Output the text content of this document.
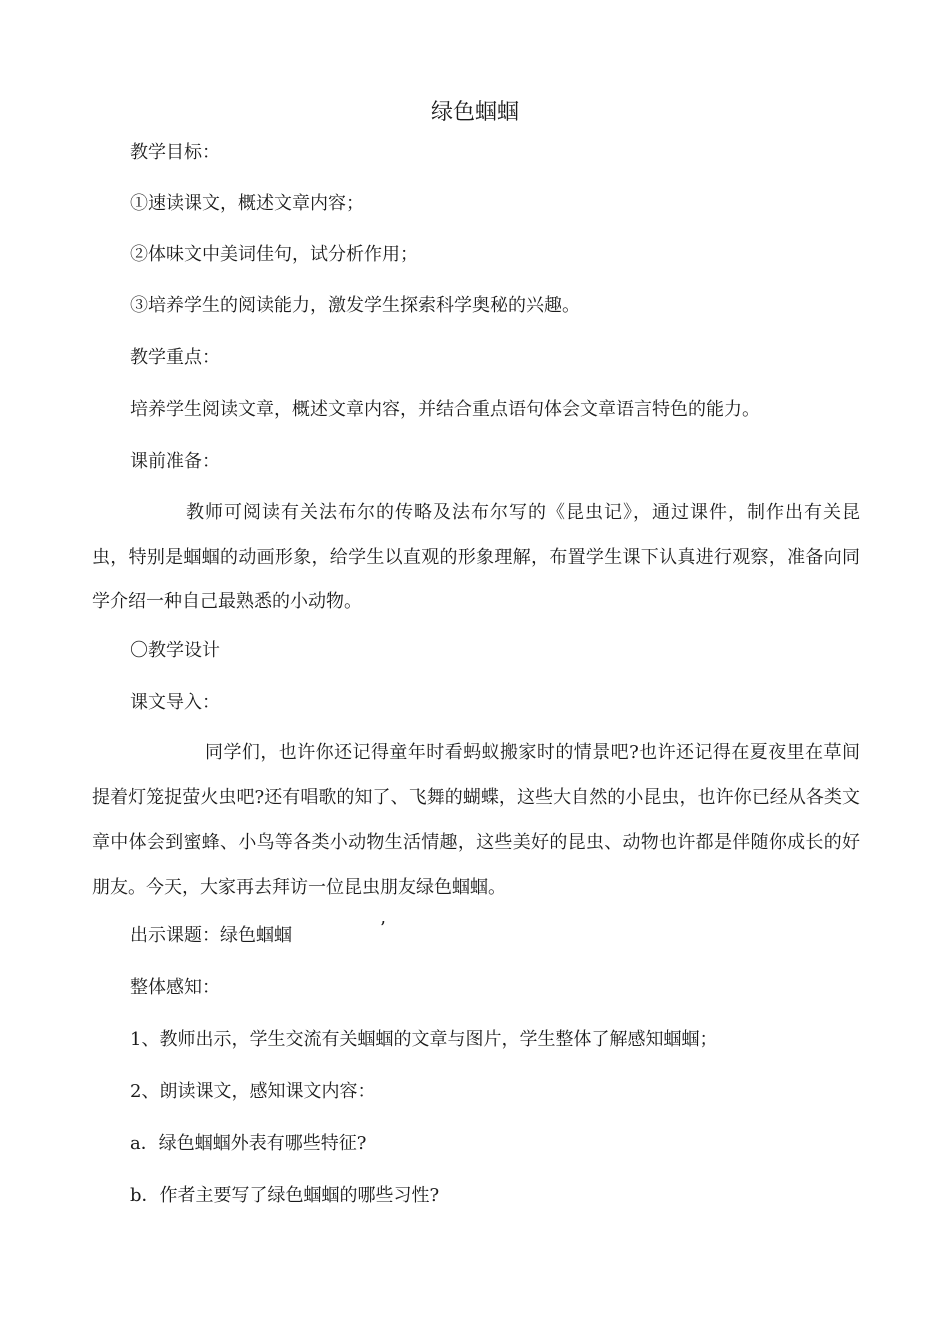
绿色蝈蝈
教学目标：
①速读课文，概述文章内容；
②体味文中美词佳句，试分析作用；
③培养学生的阅读能力，激发学生探索科学奥秘的兴趣。
教学重点：
培养学生阅读文章，概述文章内容，并结合重点语句体会文章语言特色的能力。
课前准备：
教师可阅读有关法布尔的传略及法布尔写的《昆虫记》，通过课件，制作出有关昆虫，特别是蝈蝈的动画形象，给学生以直观的形象理解，布置学生课下认真进行观察，准备向同学介绍一种自己最熟悉的小动物。
〇教学设计
课文导入：
同学们，也许你还记得童年时看蚂蚁搬家时的情景吧?也许还记得在夏夜里在草间提着灯笼捉萤火虫吧?还有唱歌的知了、飞舞的蝴蝶，这些大自然的小昆虫，也许你已经从各类文章中体会到蜜蜂、小鸟等各类小动物生活情趣，这些美好的昆虫、动物也许都是伴随你成长的好朋友。今天，大家再去拜访一位昆虫朋友绿色蝈蝈。
出示课题：绿色蝈蝈	’
整体感知：
1、教师出示，学生交流有关蝈蝈的文章与图片，学生整体了解感知蝈蝈；
2、朗读课文，感知课文内容：
a．绿色蝈蝈外表有哪些特征?
b．作者主要写了绿色蝈蝈的哪些习性?
